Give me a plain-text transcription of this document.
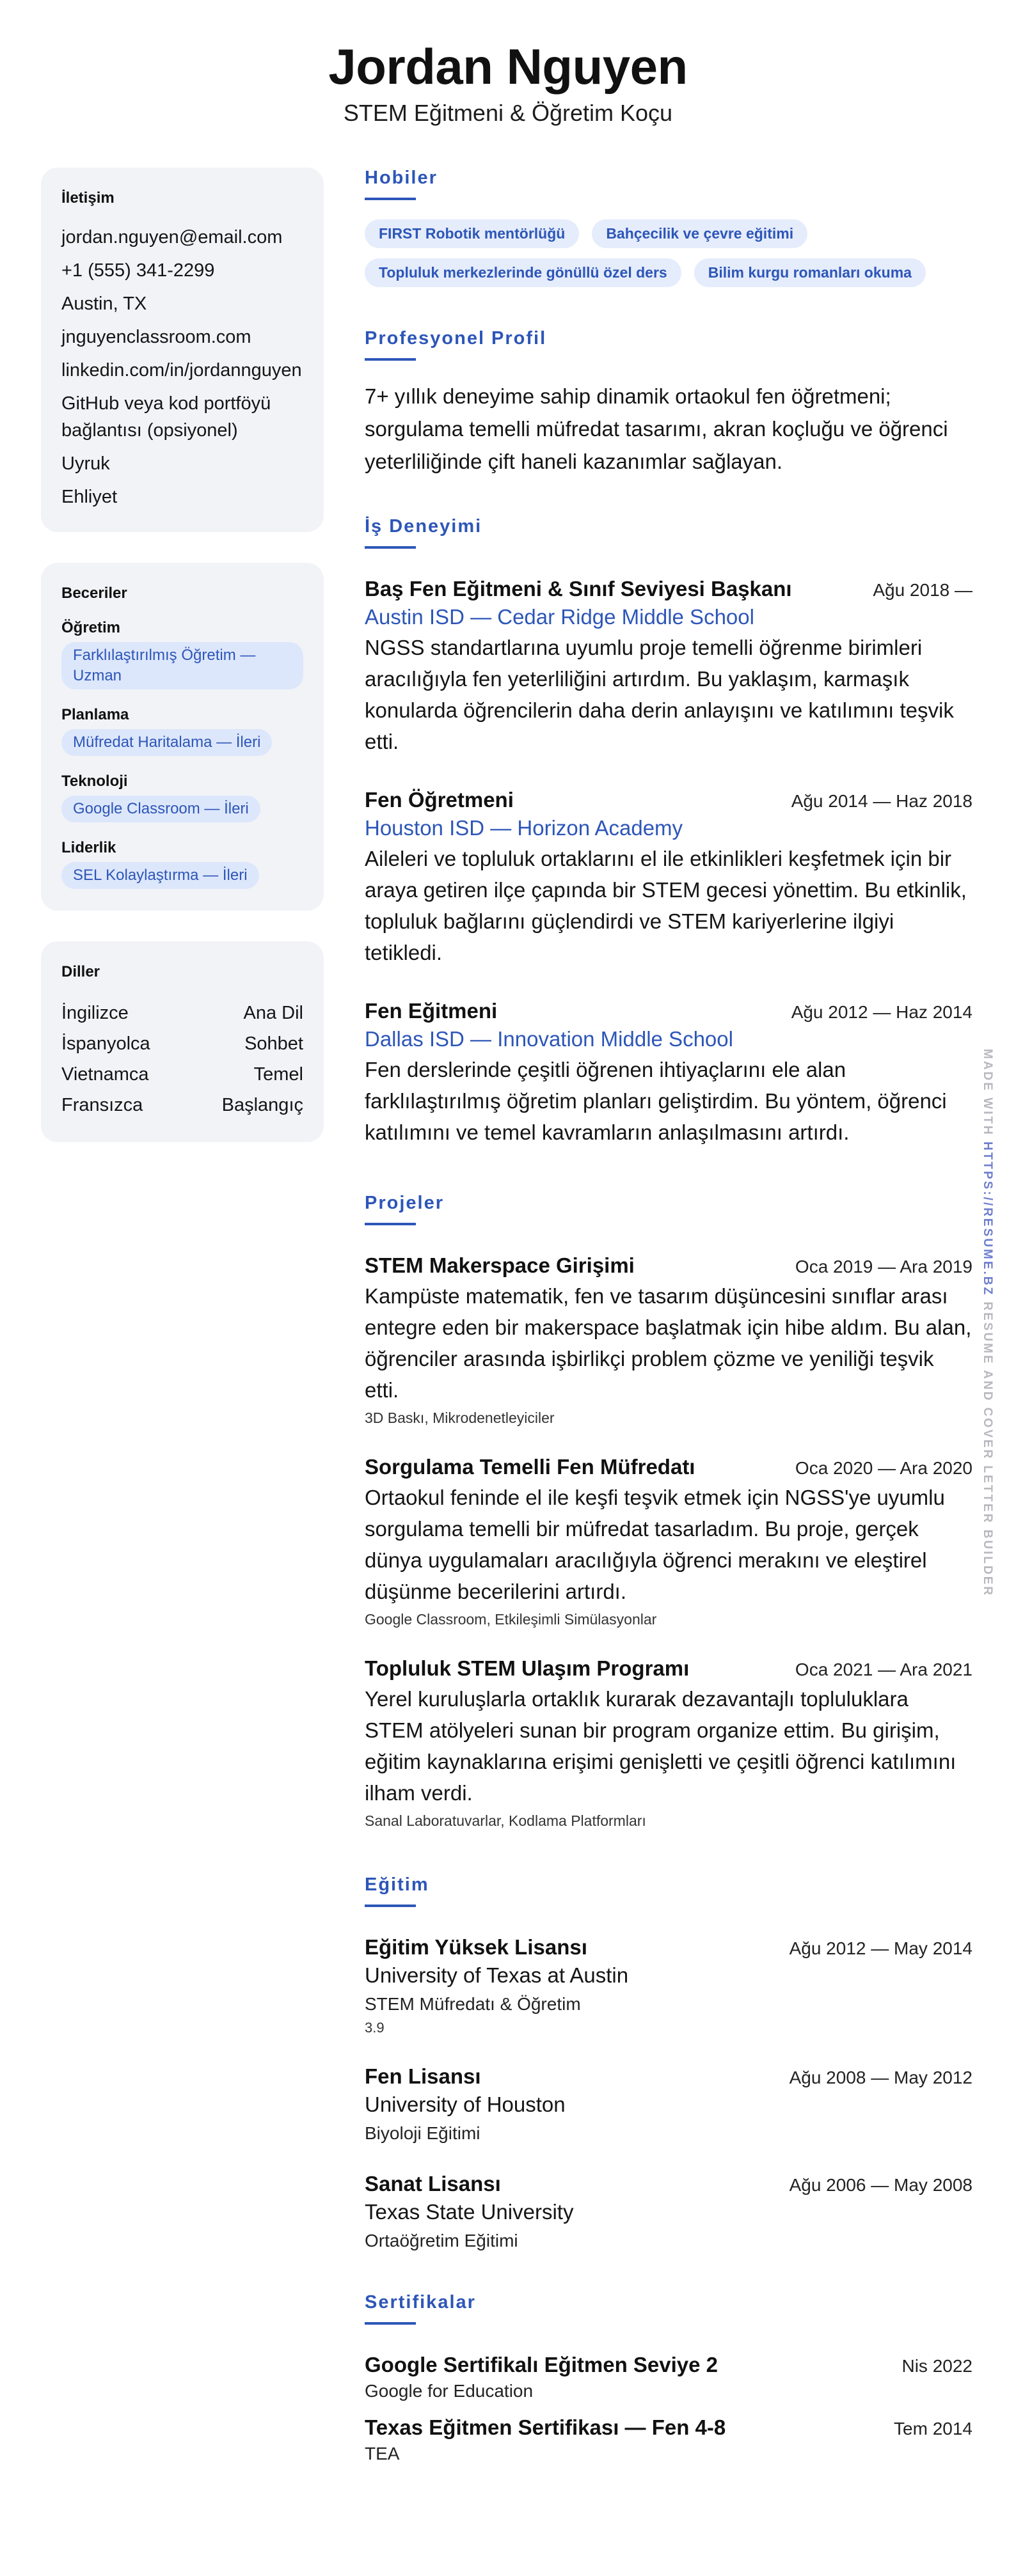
Jordan Nguyen
STEM Eğitmeni & Öğretim Koçu
İletişim
jordan.nguyen@email.com
+1 (555) 341-2299
Austin, TX
jnguyenclassroom.com
linkedin.com/in/jordannguyen
GitHub veya kod portföyü bağlantısı (opsiyonel)
Uyruk
Ehliyet
Beceriler
Öğretim
Farklılaştırılmış Öğretim — Uzman
Planlama
Müfredat Haritalama — İleri
Teknoloji
Google Classroom — İleri
Liderlik
SEL Kolaylaştırma — İleri
Diller
İngilizce	Ana Dil
İspanyolca	Sohbet
Vietnamca	Temel
Fransızca	Başlangıç
Hobiler
FIRST Robotik mentörlüğü	Bahçecilik ve çevre eğitimi
Topluluk merkezlerinde gönüllü özel ders	Bilim kurgu romanları okuma
Profesyonel Profil
7+ yıllık deneyime sahip dinamik ortaokul fen öğretmeni; sorgulama temelli müfredat tasarımı, akran koçluğu ve öğrenci yeterliliğinde çift haneli kazanımlar sağlayan.
İş Deneyimi
Baş Fen Eğitmeni & Sınıf Seviyesi Başkanı	Ağu 2018 —
Austin ISD — Cedar Ridge Middle School
NGSS standartlarına uyumlu proje temelli öğrenme birimleri aracılığıyla fen yeterliliğini artırdım. Bu yaklaşım, karmaşık konularda öğrencilerin daha derin anlayışını ve katılımını teşvik etti.
Fen Öğretmeni	Ağu 2014 — Haz 2018
Houston ISD — Horizon Academy
Aileleri ve topluluk ortaklarını el ile etkinlikleri keşfetmek için bir araya getiren ilçe çapında bir STEM gecesi yönettim. Bu etkinlik, topluluk bağlarını güçlendirdi ve STEM kariyerlerine ilgiyi tetikledi.
Fen Eğitmeni	Ağu 2012 — Haz 2014
Dallas ISD — Innovation Middle School
Fen derslerinde çeşitli öğrenen ihtiyaçlarını ele alan farklılaştırılmış öğretim planları geliştirdim. Bu yöntem, öğrenci katılımını ve temel kavramların anlaşılmasını artırdı.
Projeler
STEM Makerspace Girişimi	Oca 2019 — Ara 2019
Kampüste matematik, fen ve tasarım düşüncesini sınıflar arası entegre eden bir makerspace başlatmak için hibe aldım. Bu alan, öğrenciler arasında işbirlikçi problem çözme ve yeniliği teşvik etti.
3D Baskı, Mikrodenetleyiciler
Sorgulama Temelli Fen Müfredatı	Oca 2020 — Ara 2020
Ortaokul feninde el ile keşfi teşvik etmek için NGSS'ye uyumlu sorgulama temelli bir müfredat tasarladım. Bu proje, gerçek dünya uygulamaları aracılığıyla öğrenci merakını ve eleştirel düşünme becerilerini artırdı.
Google Classroom, Etkileşimli Simülasyonlar
Topluluk STEM Ulaşım Programı	Oca 2021 — Ara 2021
Yerel kuruluşlarla ortaklık kurarak dezavantajlı topluluklara STEM atölyeleri sunan bir program organize ettim. Bu girişim, eğitim kaynaklarına erişimi genişletti ve çeşitli öğrenci katılımını ilham verdi.
Sanal Laboratuvarlar, Kodlama Platformları
Eğitim
Eğitim Yüksek Lisansı	Ağu 2012 — May 2014
University of Texas at Austin
STEM Müfredatı & Öğretim
3.9
Fen Lisansı	Ağu 2008 — May 2012
University of Houston
Biyoloji Eğitimi
Sanat Lisansı	Ağu 2006 — May 2008
Texas State University
Ortaöğretim Eğitimi
Sertifikalar
Google Sertifikalı Eğitmen Seviye 2	Nis 2022
Google for Education
Texas Eğitmen Sertifikası — Fen 4-8	Tem 2014
TEA
MADE WITH HTTPS://RESUME.BZ RESUME AND COVER LETTER BUILDER
